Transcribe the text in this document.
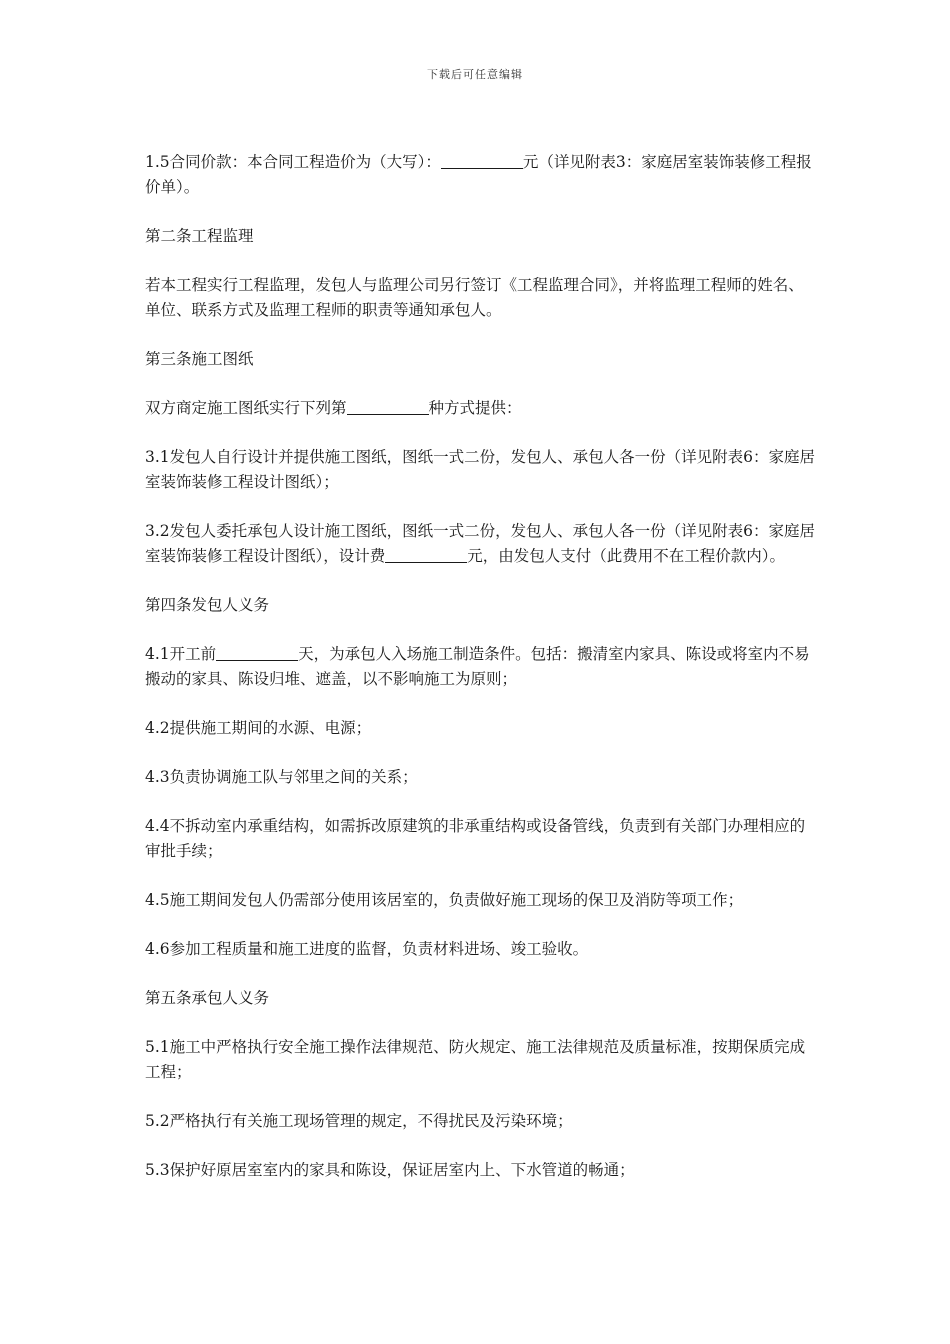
下载后可任意编辑

1.5合同价款：本合同工程造价为（大写）：	元（详见附表3：家庭居室装饰装修工程报价单）。

第二条工程监理

若本工程实行工程监理，发包人与监理公司另行签订《工程监理合同》，并将监理工程师的姓名、单位、联系方式及监理工程师的职责等通知承包人。

第三条施工图纸

双方商定施工图纸实行下列第	种方式提供：

3.1发包人自行设计并提供施工图纸，图纸一式二份，发包人、承包人各一份（详见附表6：家庭居室装饰装修工程设计图纸）；

3.2发包人委托承包人设计施工图纸，图纸一式二份，发包人、承包人各一份（详见附表6：家庭居室装饰装修工程设计图纸），设计费	元，由发包人支付（此费用不在工程价款内）。

第四条发包人义务

4.1开工前	天，为承包人入场施工制造条件。包括：搬清室内家具、陈设或将室内不易搬动的家具、陈设归堆、遮盖，以不影响施工为原则；

4.2提供施工期间的水源、电源；

4.3负责协调施工队与邻里之间的关系；

4.4不拆动室内承重结构，如需拆改原建筑的非承重结构或设备管线，负责到有关部门办理相应的审批手续；

4.5施工期间发包人仍需部分使用该居室的，负责做好施工现场的保卫及消防等项工作；

4.6参加工程质量和施工进度的监督，负责材料进场、竣工验收。

第五条承包人义务

5.1施工中严格执行安全施工操作法律规范、防火规定、施工法律规范及质量标准，按期保质完成工程；

5.2严格执行有关施工现场管理的规定，不得扰民及污染环境；

5.3保护好原居室室内的家具和陈设，保证居室内上、下水管道的畅通；
